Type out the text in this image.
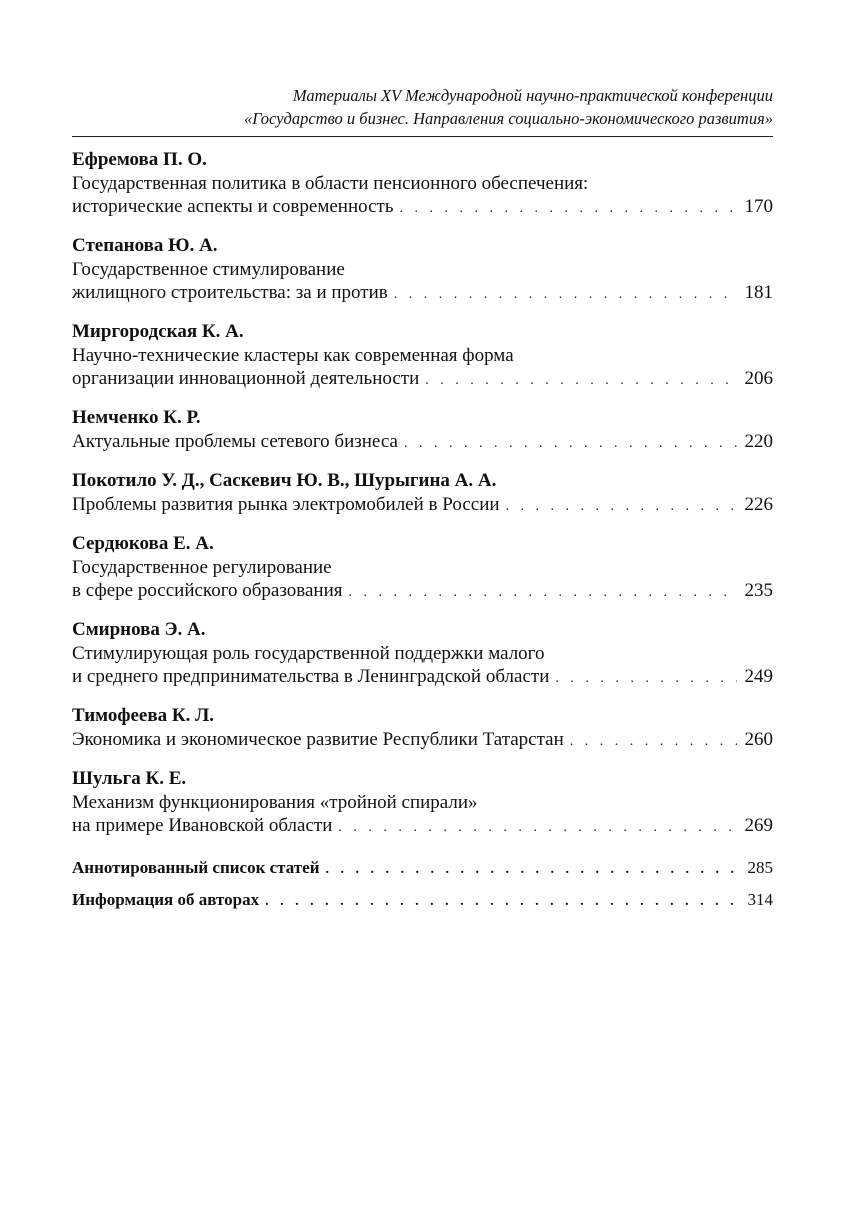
Материалы XV Международной научно-практической конференции
«Государство и бизнес. Направления социально-экономического развития»
Ефремова П. О.
Государственная политика в области пенсионного обеспечения:
исторические аспекты и современность . . .	170
Степанова Ю. А.
Государственное стимулирование
жилищного строительства: за и против . . .	181
Миргородская К. А.
Научно-технические кластеры как современная форма
организации инновационной деятельности . . .	206
Немченко К. Р.
Актуальные проблемы сетевого бизнеса . . .	220
Покотило У. Д., Саскевич Ю. В., Шурыгина А. А.
Проблемы развития рынка электромобилей в России . . .	226
Сердюкова Е. А.
Государственное регулирование
в сфере российского образования . . .	235
Смирнова Э. А.
Стимулирующая роль государственной поддержки малого
и среднего предпринимательства в Ленинградской области . . .	249
Тимофеева К. Л.
Экономика и экономическое развитие Республики Татарстан . . .	260
Шульга К. Е.
Механизм функционирования «тройной спирали»
на примере Ивановской области . . .	269
Аннотированный список статей . . .	285
Информация об авторах . . .	314
